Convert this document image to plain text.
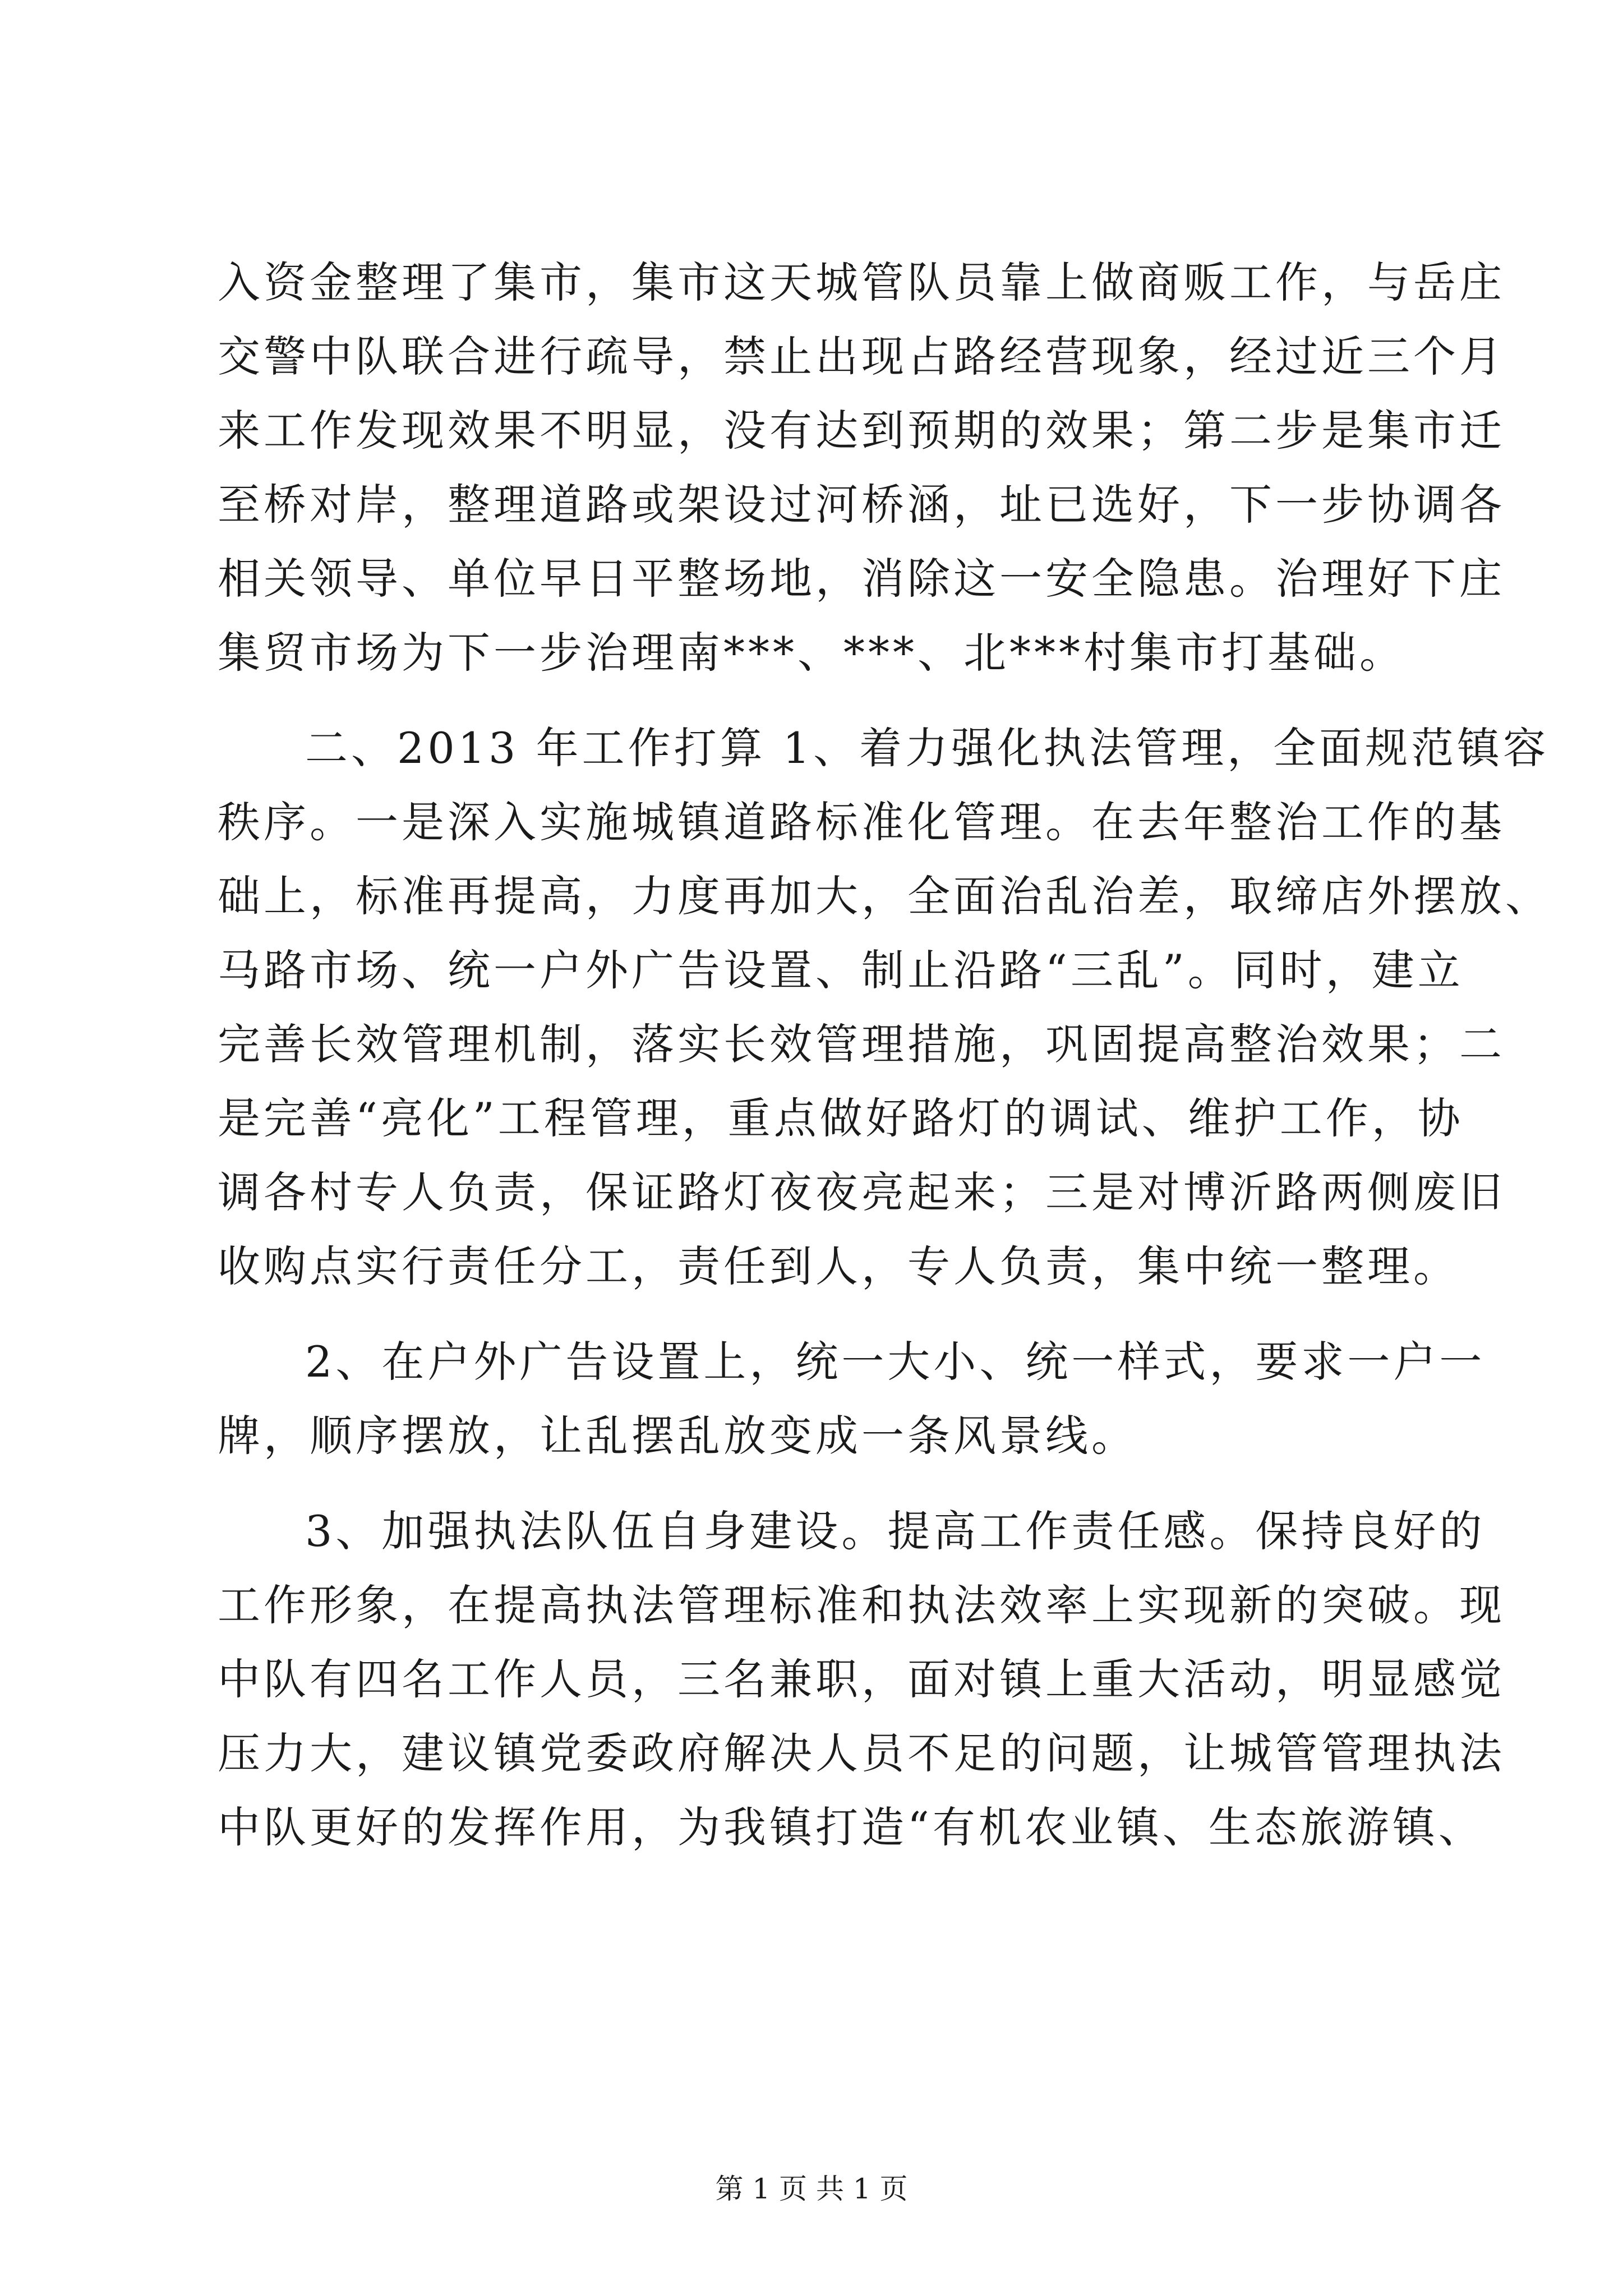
入资金整理了集市，集市这天城管队员靠上做商贩工作，与岳庄
交警中队联合进行疏导，禁止出现占路经营现象，经过近三个月
来工作发现效果不明显，没有达到预期的效果；第二步是集市迁
至桥对岸，整理道路或架设过河桥涵，址已选好，下一步协调各
相关领导、单位早日平整场地，消除这一安全隐患。治理好下庄
集贸市场为下一步治理南***、***、北***村集市打基础。
二、2013 年工作打算 1、着力强化执法管理，全面规范镇容
秩序。一是深入实施城镇道路标准化管理。在去年整治工作的基
础上，标准再提高，力度再加大，全面治乱治差，取缔店外摆放、
马路市场、统一户外广告设置、制止沿路“三乱”。同时，建立
完善长效管理机制，落实长效管理措施，巩固提高整治效果；二
是完善“亮化”工程管理，重点做好路灯的调试、维护工作，协
调各村专人负责，保证路灯夜夜亮起来；三是对博沂路两侧废旧
收购点实行责任分工，责任到人，专人负责，集中统一整理。
2、在户外广告设置上，统一大小、统一样式，要求一户一
牌，顺序摆放，让乱摆乱放变成一条风景线。
3、加强执法队伍自身建设。提高工作责任感。保持良好的
工作形象，在提高执法管理标准和执法效率上实现新的突破。现
中队有四名工作人员，三名兼职，面对镇上重大活动，明显感觉
压力大，建议镇党委政府解决人员不足的问题，让城管管理执法
中队更好的发挥作用，为我镇打造“有机农业镇、生态旅游镇、
第 1 页 共 1 页
